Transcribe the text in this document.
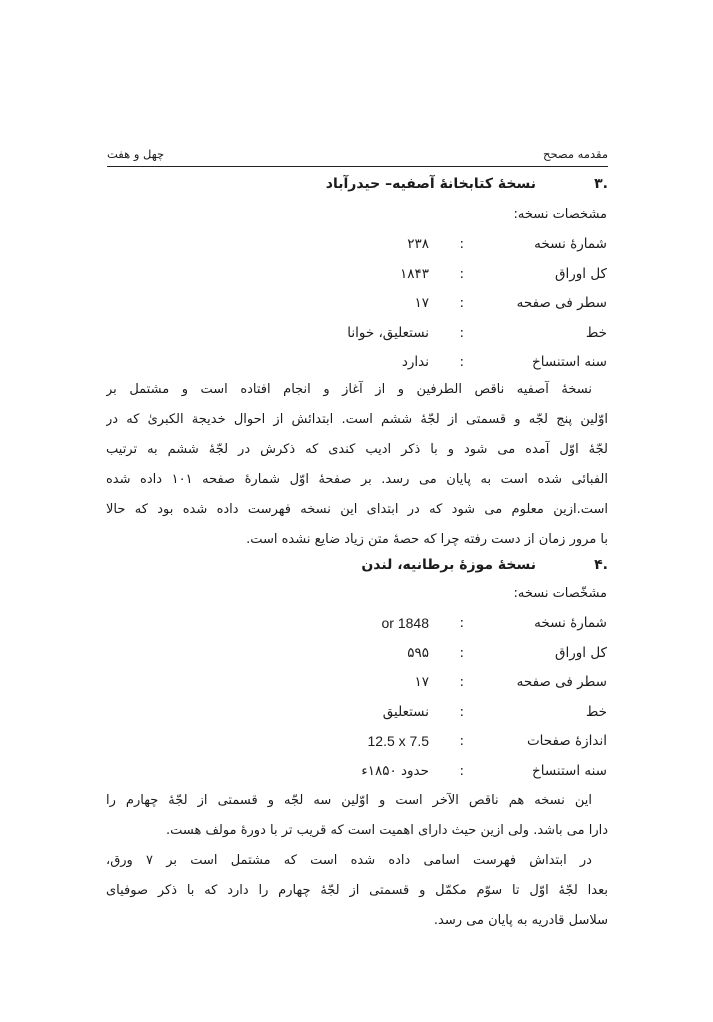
مقدمه مصحح
چهل و هفت
.۳
نسخهٔ کتابخانهٔ آصفیه– حیدرآباد
مشخصات نسخه:
شمارهٔ نسخه
:
۲۳۸
کل اوراق
:
۱۸۴۳
سطر فی صفحه
:
۱۷
خط
:
نستعلیق، خوانا
سنه استنساخ
:
ندارد
نسخهٔ آصفیه ناقص الطرفین و از آغاز و انجام افتاده است و مشتمل بر
اوّلین پنج لجّه و قسمتی از لجّهٔ ششم است. ابتدائش از احوال خدیجة الکبریٰ که در
لجّهٔ اوّل آمده می شود و با ذکر ادیب کندی که ذکرش در لجّهٔ ششم به ترتیب
الفبائی شده است به پایان می رسد. بر صفحهٔ اوّل شمارهٔ صفحه ۱۰۱ داده شده
است.ازین معلوم می شود که در ابتدای این نسخه فهرست داده شده بود که حالا
با مرور زمان از دست رفته چرا که حصهٔ متن زیاد ضایع نشده است.
.۴
نسخهٔ موزهٔ برطانیه، لندن
مشخّصات نسخه:
شمارهٔ نسخه
:
or 1848
کل اوراق
:
۵۹۵
سطر فی صفحه
:
۱۷
خط
:
نستعلیق
اندازهٔ صفحات
:
12.5 x 7.5
سنه استنساخ
:
حدود ۱۸۵۰ء
این نسخه هم ناقص الآخر است و اوّلین سه لجّه و قسمتی از لجّهٔ چهارم را
دارا می باشد. ولی ازین حیث دارای اهمیت است که قریب تر با دورهٔ مولف هست.
در ابتداش فهرست اسامی داده شده است که مشتمل است بر ۷ ورق،
بعدا لجّهٔ اوّل تا سوّم مکمّل و قسمتی از لجّهٔ چهارم را دارد که با ذکر صوفیای
سلاسل قادریه به پایان می رسد.
